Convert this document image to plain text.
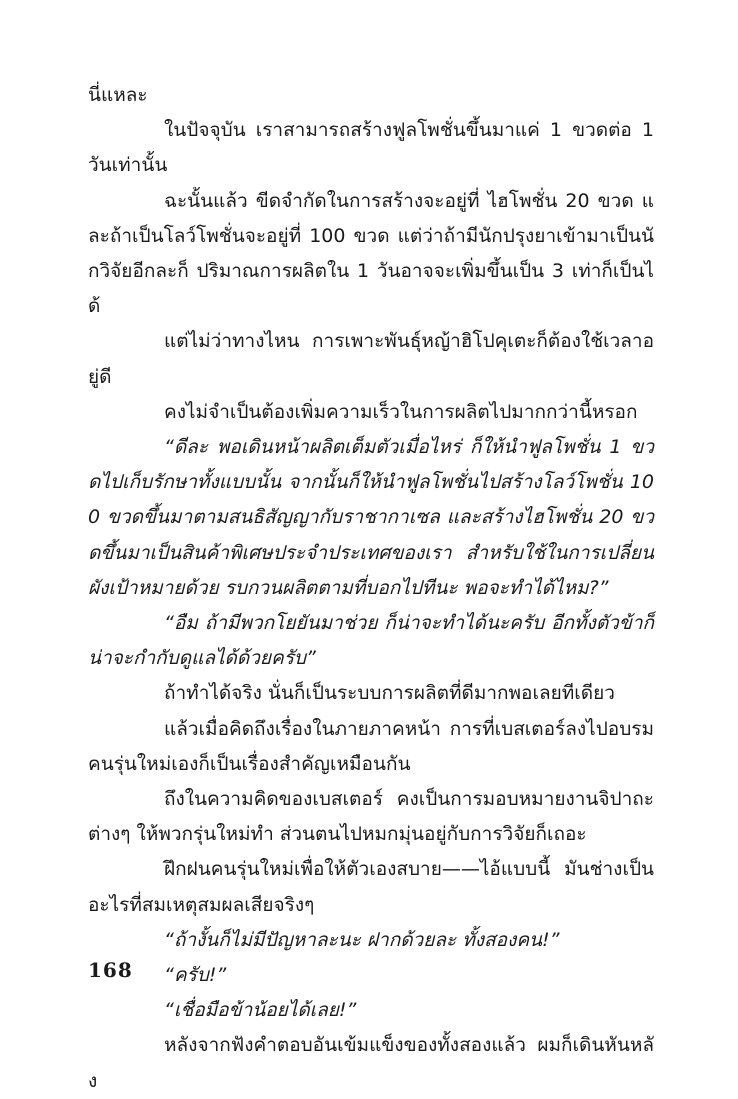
นี่แหละ

ในปัจจุบัน เราสามารถสร้างฟูลโพชั่นขึ้นมาแค่ 1 ขวดต่อ 1 วันเท่านั้น

ฉะนั้นแล้ว ขีดจำกัดในการสร้างจะอยู่ที่ ไฮโพชั่น 20 ขวด และถ้าเป็นโลว์โพชั่นจะอยู่ที่ 100 ขวด แต่ว่าถ้ามีนักปรุงยาเข้ามาเป็นนักวิจัยอีกละก็ ปริมาณการผลิตใน 1 วันอาจจะเพิ่มขึ้นเป็น 3 เท่าก็เป็นได้

แต่ไม่ว่าทางไหน การเพาะพันธุ์หญ้าฮิโปคุเตะก็ต้องใช้เวลาอยู่ดี

คงไม่จำเป็นต้องเพิ่มความเร็วในการผลิตไปมากกว่านี้หรอก

“ดีละ พอเดินหน้าผลิตเต็มตัวเมื่อไหร่ ก็ให้นำฟูลโพชั่น 1 ขวดไปเก็บรักษาทั้งแบบนั้น จากนั้นก็ให้นำฟูลโพชั่นไปสร้างโลว์โพชั่น 100 ขวดขึ้นมาตามสนธิสัญญากับราชากาเซล และสร้างไฮโพชั่น 20 ขวดขึ้นมาเป็นสินค้าพิเศษประจำประเทศของเรา สำหรับใช้ในการเปลี่ยนผังเป้าหมายด้วย รบกวนผลิตตามที่บอกไปทีนะ พอจะทำได้ไหม?”

“อืม ถ้ามีพวกโยยันมาช่วย ก็น่าจะทำได้นะครับ อีกทั้งตัวข้าก็น่าจะกำกับดูแลได้ด้วยครับ”

ถ้าทำได้จริง นั่นก็เป็นระบบการผลิตที่ดีมากพอเลยทีเดียว

แล้วเมื่อคิดถึงเรื่องในภายภาคหน้า การที่เบสเตอร์ลงไปอบรมคนรุ่นใหม่เองก็เป็นเรื่องสำคัญเหมือนกัน

ถึงในความคิดของเบสเตอร์ คงเป็นการมอบหมายงานจิปาถะต่างๆ ให้พวกรุ่นใหม่ทำ ส่วนตนไปหมกมุ่นอยู่กับการวิจัยก็เถอะ

ฝึกฝนคนรุ่นใหม่เพื่อให้ตัวเองสบาย——ไอ้แบบนี้ มันช่างเป็นอะไรที่สมเหตุสมผลเสียจริงๆ

“ถ้างั้นก็ไม่มีปัญหาละนะ ฝากด้วยละ ทั้งสองคน!”

“ครับ!”

“เชื่อมือข้าน้อยได้เลย!”

หลังจากฟังคำตอบอันเข้มแข็งของทั้งสองแล้ว ผมก็เดินหันหลัง

168
